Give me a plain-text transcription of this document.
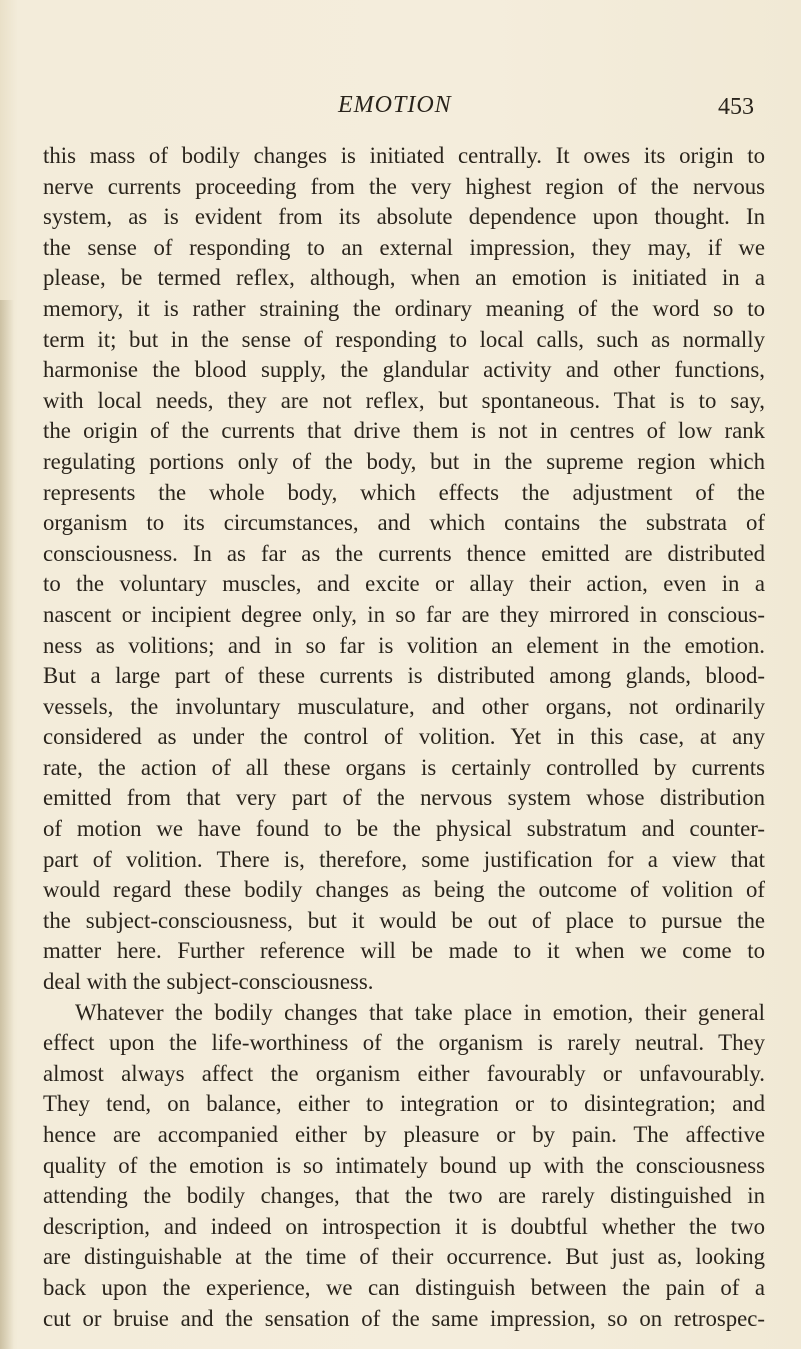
EMOTION	453
this mass of bodily changes is initiated centrally. It owes its origin to
nerve currents proceeding from the very highest region of the nervous
system, as is evident from its absolute dependence upon thought. In
the sense of responding to an external impression, they may, if we
please, be termed reflex, although, when an emotion is initiated in a
memory, it is rather straining the ordinary meaning of the word so to
term it; but in the sense of responding to local calls, such as normally
harmonise the blood supply, the glandular activity and other functions,
with local needs, they are not reflex, but spontaneous. That is to say,
the origin of the currents that drive them is not in centres of low rank
regulating portions only of the body, but in the supreme region which
represents the whole body, which effects the adjustment of the
organism to its circumstances, and which contains the substrata of
consciousness. In as far as the currents thence emitted are distributed
to the voluntary muscles, and excite or allay their action, even in a
nascent or incipient degree only, in so far are they mirrored in conscious-
ness as volitions; and in so far is volition an element in the emotion.
But a large part of these currents is distributed among glands, blood-
vessels, the involuntary musculature, and other organs, not ordinarily
considered as under the control of volition. Yet in this case, at any
rate, the action of all these organs is certainly controlled by currents
emitted from that very part of the nervous system whose distribution
of motion we have found to be the physical substratum and counter-
part of volition. There is, therefore, some justification for a view that
would regard these bodily changes as being the outcome of volition of
the subject-consciousness, but it would be out of place to pursue the
matter here. Further reference will be made to it when we come to
deal with the subject-consciousness.
Whatever the bodily changes that take place in emotion, their general
effect upon the life-worthiness of the organism is rarely neutral. They
almost always affect the organism either favourably or unfavourably.
They tend, on balance, either to integration or to disintegration; and
hence are accompanied either by pleasure or by pain. The affective
quality of the emotion is so intimately bound up with the consciousness
attending the bodily changes, that the two are rarely distinguished in
description, and indeed on introspection it is doubtful whether the two
are distinguishable at the time of their occurrence. But just as, looking
back upon the experience, we can distinguish between the pain of a
cut or bruise and the sensation of the same impression, so on retrospec-
